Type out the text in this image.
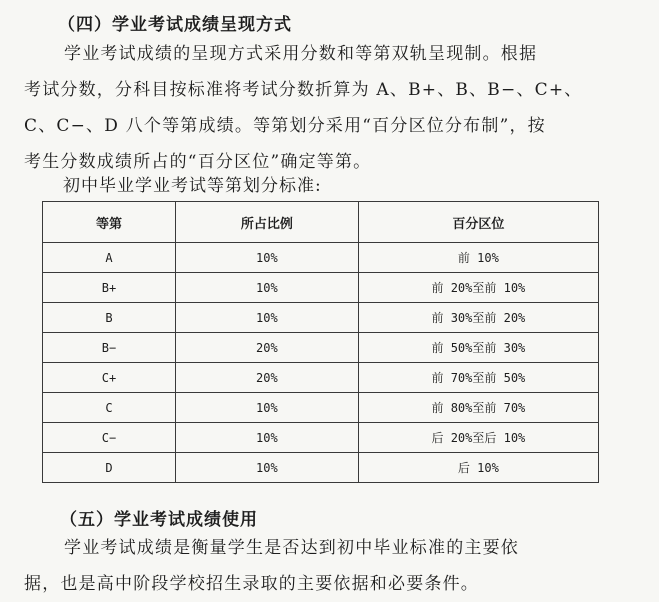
（四）学业考试成绩呈现方式
学业考试成绩的呈现方式采用分数和等第双轨呈现制。根据
考试分数，分科目按标准将考试分数折算为 A、B+、B、B−、C+、
C、C−、D 八个等第成绩。等第划分采用“百分区位分布制”，按
考生分数成绩所占的“百分区位”确定等第。
初中毕业学业考试等第划分标准:
等第	所占比例	百分区位
A	10%	前 10%
B+	10%	前 20%至前 10%
B	10%	前 30%至前 20%
B−	20%	前 50%至前 30%
C+	20%	前 70%至前 50%
C	10%	前 80%至前 70%
C−	10%	后 20%至后 10%
D	10%	后 10%
（五）学业考试成绩使用
学业考试成绩是衡量学生是否达到初中毕业标准的主要依
据，也是高中阶段学校招生录取的主要依据和必要条件。
